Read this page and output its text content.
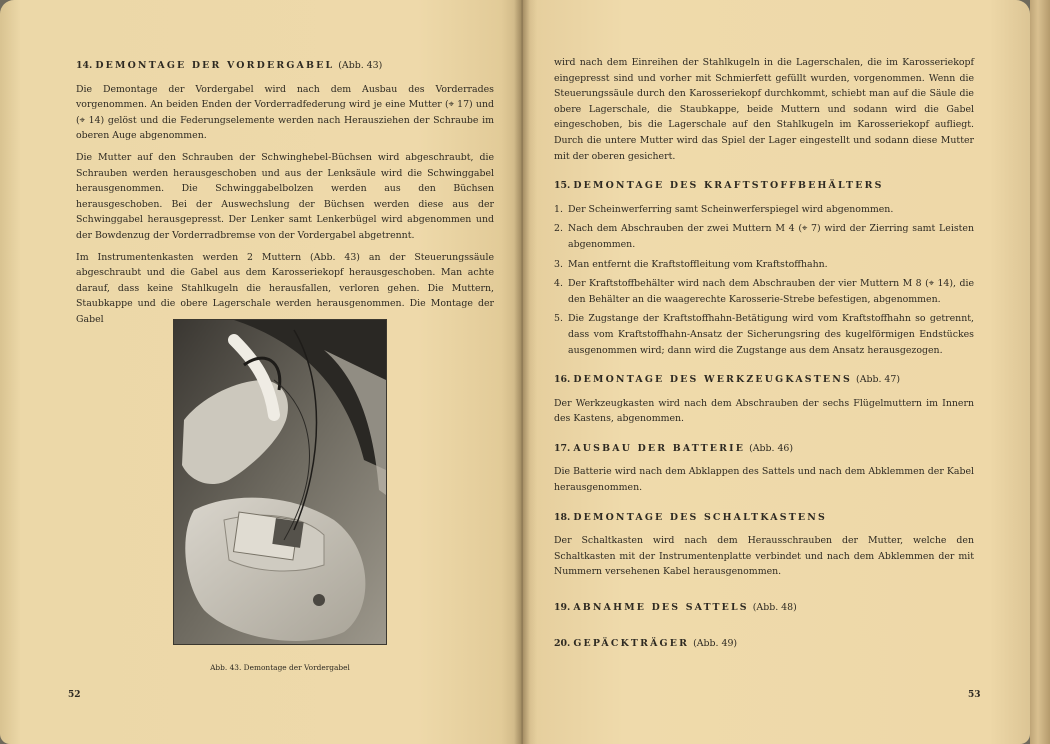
14. DEMONTAGE DER VORDERGABEL (Abb. 43)

Die Demontage der Vordergabel wird nach dem Ausbau des Vorderrades vorgenommen. An beiden Enden der Vorderradfederung wird je eine Mutter (⌖ 17) und (⌖ 14) gelöst und die Federungselemente werden nach Herausziehen der Schraube im oberen Auge abgenommen.

Die Mutter auf den Schrauben der Schwinghebel-Büchsen wird abgeschraubt, die Schrauben werden herausgeschoben und aus der Lenksäule wird die Schwinggabel herausgenommen. Die Schwinggabelbolzen werden aus den Büchsen herausgeschoben. Bei der Auswechslung der Büchsen werden diese aus der Schwinggabel herausgepresst. Der Lenker samt Lenkerbügel wird abgenommen und der Bowdenzug der Vorderradbremse von der Vordergabel abgetrennt.

Im Instrumentenkasten werden 2 Muttern (Abb. 43) an der Steuerungssäule abgeschraubt und die Gabel aus dem Karosseriekopf herausgeschoben. Man achte darauf, dass keine Stahlkugeln die herausfallen, verloren gehen. Die Muttern, Staubkappe und die obere Lagerschale werden herausgenommen. Die Montage der Gabel

Abb. 43. Demontage der Vordergabel
52

wird nach dem Einreihen der Stahlkugeln in die Lagerschalen, die im Karosseriekopf eingepresst sind und vorher mit Schmierfett gefüllt wurden, vorgenommen. Wenn die Steuerungssäule durch den Karosseriekopf durchkommt, schiebt man auf die Säule die obere Lagerschale, die Staubkappe, beide Muttern und sodann wird die Gabel eingeschoben, bis die Lagerschale auf den Stahlkugeln im Karosseriekopf aufliegt. Durch die untere Mutter wird das Spiel der Lager eingestellt und sodann diese Mutter mit der oberen gesichert.

15. DEMONTAGE DES KRAFTSTOFFBEHÄLTERS
1. Der Scheinwerferring samt Scheinwerferspiegel wird abgenommen.
2. Nach dem Abschrauben der zwei Muttern M 4 (⌖ 7) wird der Zierring samt Leisten abgenommen.
3. Man entfernt die Kraftstoffleitung vom Kraftstoffhahn.
4. Der Kraftstoffbehälter wird nach dem Abschrauben der vier Muttern M 8 (⌖ 14), die den Behälter an die waagerechte Karosserie-Strebe befestigen, abgenommen.
5. Die Zugstange der Kraftstoffhahn-Betätigung wird vom Kraftstoffhahn so getrennt, dass vom Kraftstoffhahn-Ansatz der Sicherungsring des kugelförmigen Endstückes ausgenommen wird; dann wird die Zugstange aus dem Ansatz herausgezogen.
16. DEMONTAGE DES WERKZEUGKASTENS (Abb. 47)

Der Werkzeugkasten wird nach dem Abschrauben der sechs Flügelmuttern im Innern des Kastens, abgenommen.

17. AUSBAU DER BATTERIE (Abb. 46)

Die Batterie wird nach dem Abklappen des Sattels und nach dem Abklemmen der Kabel herausgenommen.

18. DEMONTAGE DES SCHALTKASTENS

Der Schaltkasten wird nach dem Herausschrauben der Mutter, welche den Schaltkasten mit der Instrumentenplatte verbindet und nach dem Abklemmen der mit Nummern versehenen Kabel herausgenommen.

19. ABNAHME DES SATTELS (Abb. 48)
20. GEPÄCKTRÄGER (Abb. 49)
53
